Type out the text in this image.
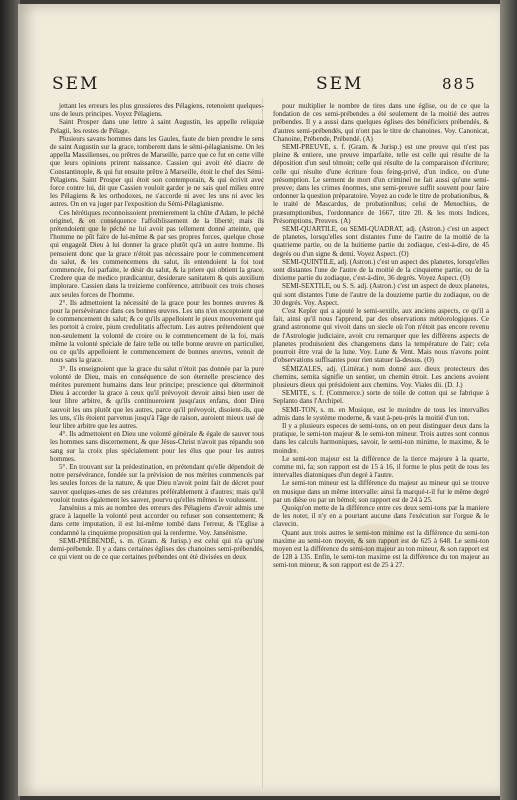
SEM	SEM	885

jettant les erreurs les plus grossieres des Pélagiens, retenoient quelques-uns de leurs principes. Voyez Pélagiens.

Saint Prosper dans une lettre à saint Augustin, les appelle reliquiæ Pelagii, les restes de Pélage.

Plusieurs savans hommes dans les Gaules, faute de bien prendre le sens de saint Augustin sur la grace, tomberent dans le sémi-pélagianisme. On les appella Massilienses, ou prêtres de Marseille, parce que ce fut en cette ville que leurs opinions prirent naissance. Cassien qui avoit été diacre de Constantinople, & qui fut ensuite prêtre à Marseille, étoit le chef des Sémi-Pélagiens. Saint Prosper qui étoit son contemporain, & qui écrivit avec force contre lui, dit que Cassien vouloit garder je ne sais quel milieu entre les Pélagiens & les orthodoxes, ne s'accorde ni avec les uns ni avec les autres. On en va juger par l'exposition du Sémi-Pélagianisme.

Ces hérétiques reconnoissoient premierement la chûte d'Adam, le péché originel, & en conséquence l'affoiblissement de la liberté; mais ils prétendoient que le péché ne lui avoit pas tellement donné atteinte, que l'homme ne pût faire de lui-même & par ses propres forces, quelque chose qui engageât Dieu à lui donner la grace plutôt qu'à un autre homme. Ils pensoient donc que la grace n'étoit pas nécessaire pour le commencement du salut, & les commencemens du salut, ils entendoient la foi tout commencée, foi parfaite, le désir du salut, & la priere qui obtient la grace. Credere quæ de medico prædicantur, desiderare sanitatem & quis auxilium implorare. Cassien dans la treizieme conférence, attribuoit ces trois choses aux seules forces de l'homme.

2°. Ils admettoient la nécessité de la grace pour les bonnes œuvres & pour la persévérance dans ces bonnes œuvres. Les uns n'en exceptoient que le commencement du salut; & ce qu'ils appelloient le pieux mouvement qui les portoit à croire, pium credulitatis affectum. Les autres prétendoient que non-seulement la volonté de croire ou le commencement de la foi, mais même la volonté spéciale de faire telle ou telle bonne œuvre en particulier, ou ce qu'ils appelloient le commencement de bonnes œuvres, venoit de nous sans la grace.

3°. Ils enseignoient que la grace du salut n'étoit pas donnée par la pure volonté de Dieu, mais en conséquence de son éternelle prescience des mérites purement humains dans leur principe; prescience qui déterminoit Dieu à accorder la grace à ceux qu'il prévoyoit devoir ainsi bien user de leur libre arbitre, & qu'ils continueroient jusqu'aux enfans, dont Dieu sauvoit les uns plutôt que les autres, parce qu'il prévoyoit, disoient-ils, que les uns, s'ils étoient parvenus jusqu'à l'âge de raison, auroient mieux usé de leur libre arbitre que les autres.

4°. Ils admettoient en Dieu une volonté générale & égale de sauver tous les hommes sans discernement, & que Jésus-Christ n'avoit pas répandu son sang sur la croix plus spécialement pour les élus que pour les autres hommes.

5°. En trouvant sur la prédestination, en prétendant qu'elle dépendoit de notre persévérance, fondée sur la prévision de nos mérites commencés par les seules forces de la nature, & que Dieu n'avoit point fait de décret pour sauver quelques-unes de ses créatures préférablement à d'autres; mais qu'il vouloit toutes également les sauver, pourvu qu'elles mêmes le voulussent.

Jansénius a mis au nombre des erreurs des Pélagiens d'avoir admis une grace à laquelle la volonté peut accorder ou refuser son consentement; & dans cette imputation, il est lui-même tombé dans l'erreur, & l'Eglise a condamné la cinquieme proposition qui la renferme. Voy. Jansénisme.

SEMI-PRÉBENDÉ, s. m. (Gram. & Jurisp.) est celui qui n'a qu'une demi-prébende. Il y a dans certaines églises des chanoines semi-prébendés, ce qui vient ou de ce que certaines prébendes ont été divisées en deux

pour multiplier le nombre de tires dans une église, ou de ce que la fondation de ces semi-prébendes a été seulement de la moitié des autres prébendes. Il y a aussi dans quelques églises des bénéficiers prébendés, & d'autres semi-prébendés, qui n'ont pas le titre de chanoines. Voy. Canonicat, Chanoine, Prébende, Prébendé. (A)

SEMI-PREUVE, s. f. (Gram. & Jurisp.) est une preuve qui n'est pas pleine & entiere, une preuve imparfaite, telle est celle qui résulte de la déposition d'un seul témoin; celle qui résulte de la comparaison d'écriture; celle qui résulte d'une écriture fous feing-privé, d'un indice, ou d'une présomption. Le serment de mort d'un criminel ne fait aussi qu'une semi-preuve; dans les crimes énormes, une semi-preuve suffit souvent pour faire ordonner la question préparatoire. Voyez au code le titre de probationibus, & le traité de Mascardus, de probationibus; celui de Menochius, de præsumptionibus, l'ordonnance de 1667, titre 20. & les mots Indices, Présomptions, Preuves. (A)

SEMI-QUARTILE, ou SEMI-QUADRAT, adj. (Astron.) c'est un aspect de planetes, lorsqu'elles sont distantes l'une de l'autre de la moitié de la quatrieme partie, ou de la huitieme partie du zodiaque, c'est-à-dire, de 45 degrés ou d'un signe & demi. Voyez Aspect. (O)

SEMI-QUINTILE, adj. (Astron.) c'est un aspect des planetes, lorsqu'elles sont distantes l'une de l'autre de la moitié de la cinquieme partie, ou de la dixieme partie du zodiaque, c'est-à-dire, 36 degrés. Voyez Aspect. (O)

SEMI-SEXTILE, ou S. S. adj. (Astron.) c'est un aspect de deux planetes, qui sont distantes l'une de l'autre de la douzieme partie du zodiaque, ou de 30 degrés. Voy. Aspect.

C'est Kepler qui a ajouté le semi-sextile, aux anciens aspects, ce qu'il a fait, ainsi qu'il nous l'apprend, par des observations météorologiques. Ce grand astronome qui vivoit dans un siecle où l'on n'étoit pas encore revenu de l'Astrologie judiciaire, avoit cru remarquer que les différens aspects de planetes produisoient des changemens dans la température de l'air; cela pourroit être vrai de la lune. Voy. Lune & Vent. Mais nous n'avons point d'observations suffisantes pour rien statuer là-dessus. (O)

SÉMIZALES, adj. (Littérat.) nom donné aux dieux protecteurs des chemins, semita signifie un sentier, un chemin étroit. Les anciens avoient plusieurs dieux qui présidoient aux chemins. Voy. Viales dii. (D. J.)

SEMITE, s. f. (Commerce.) sorte de toile de cotton qui se fabrique à Seplanto dans l'Archipel.

SEMI-TON, s. m. en Musique, est le moindre de tous les intervalles admis dans le système moderne, & vaut à-peu-près la moitié d'un ton.

Il y a plusieurs especes de semi-tons, on en peut distinguer deux dans la pratique, le semi-ton majeur & le semi-ton mineur. Trois autres sont connus dans les calculs harmoniques, savoir, le semi-ton minime, le maxime, & le moindre.

Le semi-ton majeur est la différence de la tierce majeure à la quarte, comme mi, fa; son rapport est de 15 à 16, il forme le plus petit de tous les intervalles diatoniques d'un degré à l'autre.

Le semi-ton mineur est la différence du majeur au mineur qui se trouve en musique dans un même intervalle: ainsi fa marqué-t-il fur le même degré par un dièse ou par un bémol; son rapport est de 24 à 25.

Quoiqu'on mette de la différence entre ces deux semi-tons par la maniere de les noter, il n'y en a pourtant aucune dans l'exécution sur l'orgue & le clavecin.

Quant aux trois autres le semi-ton minime est la différence du semi-ton maxime au semi-ton moyen, & son rapport est de 625 à 648. Le semi-ton moyen est la différence du semi-ton majeur au ton mineur, & son rapport est de 128 à 135. Enfin, le semi-ton maxime est la différence du ton majeur au semi-ton mineur, & son rapport est de 25 à 27.
